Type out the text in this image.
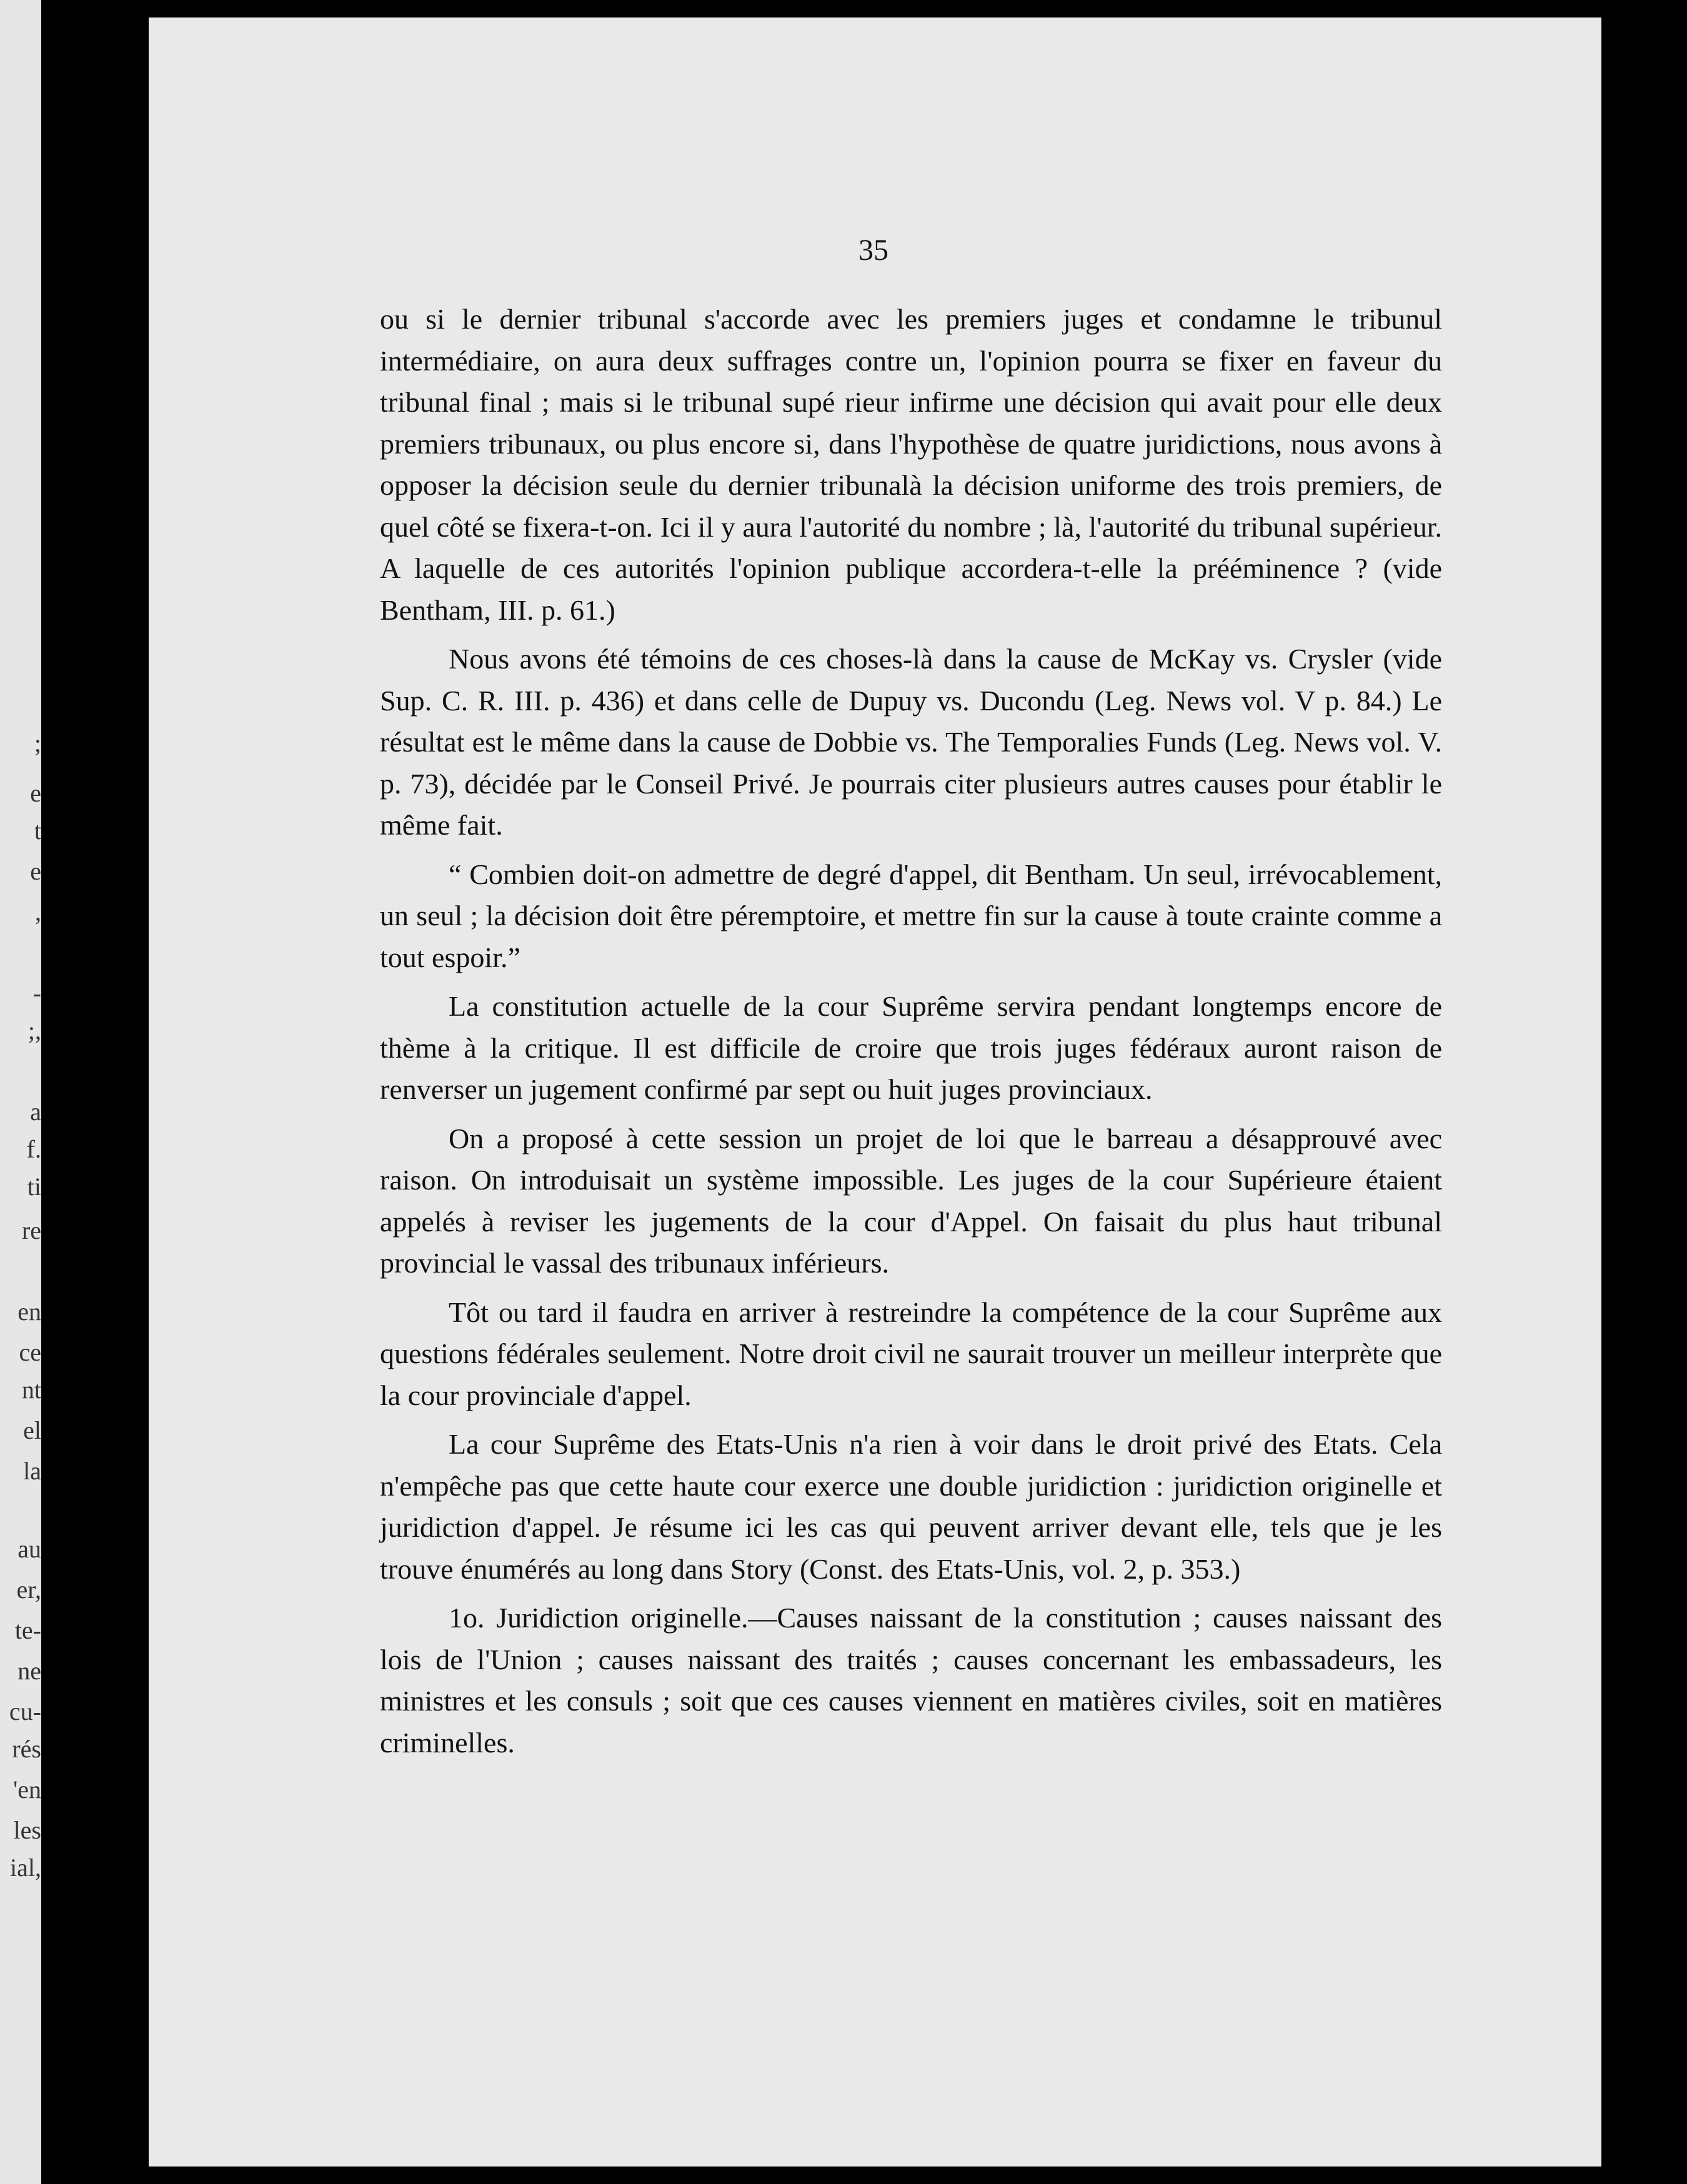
;
e
t
e
,
-
;,
a
f.
ti
re
en
ce
nt
el
la
au
er,
te-
ne
cu-
rés
'en
les
ial,
35

ou si le dernier tribunal s'accorde avec les premiers juges et condamne le tribunul intermédiaire, on aura deux suffrages contre un, l'opinion pourra se fixer en faveur du tribunal final ; mais si le tribunal supé rieur infirme une décision qui avait pour elle deux premiers tribunaux, ou plus encore si, dans l'hypothèse de quatre juridictions, nous avons à opposer la décision seule du dernier tribunalà la décision uniforme des trois premiers, de quel côté se fixera-t-on. Ici il y aura l'autorité du nombre ; là, l'autorité du tribunal supérieur. A laquelle de ces autorités l'opinion publique accordera-t-elle la prééminence ? (vide Bentham, III. p. 61.)

Nous avons été témoins de ces choses-là dans la cause de McKay vs. Crysler (vide Sup. C. R. III. p. 436) et dans celle de Dupuy vs. Ducondu (Leg. News vol. V p. 84.) Le résultat est le même dans la cause de Dobbie vs. The Temporalies Funds (Leg. News vol. V. p. 73), décidée par le Conseil Privé. Je pourrais citer plusieurs autres causes pour établir le même fait.

“ Combien doit-on admettre de degré d'appel, dit Bentham. Un seul, irrévocablement, un seul ; la décision doit être péremptoire, et mettre fin sur la cause à toute crainte comme a tout espoir.”

La constitution actuelle de la cour Suprême servira pendant longtemps encore de thème à la critique. Il est difficile de croire que trois juges fédéraux auront raison de renverser un jugement confirmé par sept ou huit juges provinciaux.

On a proposé à cette session un projet de loi que le barreau a désapprouvé avec raison. On introduisait un système impossible. Les juges de la cour Supérieure étaient appelés à reviser les jugements de la cour d'Appel. On faisait du plus haut tribunal provincial le vassal des tribunaux inférieurs.

Tôt ou tard il faudra en arriver à restreindre la compétence de la cour Suprême aux questions fédérales seulement. Notre droit civil ne saurait trouver un meilleur interprète que la cour provinciale d'appel.

La cour Suprême des Etats-Unis n'a rien à voir dans le droit privé des Etats. Cela n'empêche pas que cette haute cour exerce une double juridiction : juridiction originelle et juridiction d'appel. Je résume ici les cas qui peuvent arriver devant elle, tels que je les trouve énumérés au long dans Story (Const. des Etats-Unis, vol. 2, p. 353.)

1o. Juridiction originelle.—Causes naissant de la constitution ; causes naissant des lois de l'Union ; causes naissant des traités ; causes concernant les embassadeurs, les ministres et les consuls ; soit que ces causes viennent en matières civiles, soit en matières criminelles.
